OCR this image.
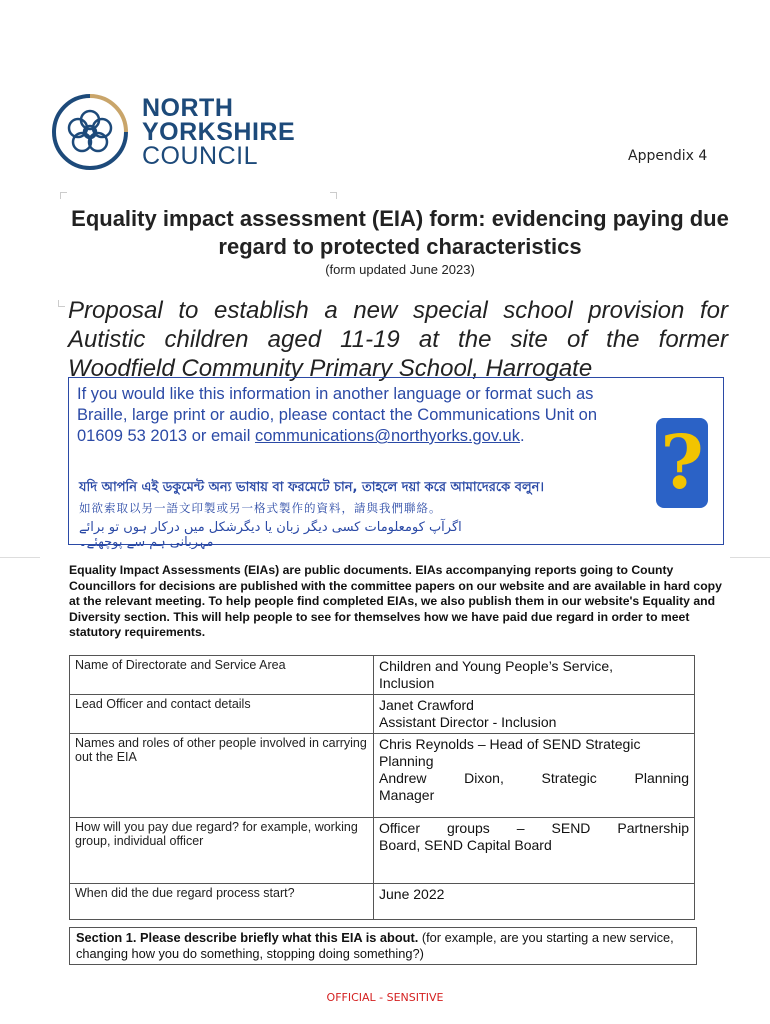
NORTH
YORKSHIRE
COUNCIL	Appendix 4
Equality impact assessment (EIA) form: evidencing paying due regard to protected characteristics
(form updated June 2023)
Proposal to establish a new special school provision for
Autistic children aged 11-19 at the site of the former
Woodfield Community Primary School, Harrogate
If you would like this information in another language or format such as Braille, large print or audio, please contact the Communications Unit on 01609 53 2013 or email communications@northyorks.gov.uk.
যদি আপনি এই ডকুমেন্ট অন্য ভাষায় বা ফরমেটে চান, তাহলে দয়া করে আমাদেরকে বলুন।
如欲索取以另一語文印製或另一格式製作的資料，請與我們聯絡。
اگرآپ کومعلومات کسی دیگر زبان یا دیگرشکل میں درکار ہوں تو برائے مہربانی ہم سے پوچھئے۔
?
Equality Impact Assessments (EIAs) are public documents. EIAs accompanying reports going to County Councillors for decisions are published with the committee papers on our website and are available in hard copy at the relevant meeting. To help people find completed EIAs, we also publish them in our website's Equality and Diversity section. This will help people to see for themselves how we have paid due regard in order to meet statutory requirements.
Name of Directorate and Service Area	Children and Young People’s Service,
Inclusion

Lead Officer and contact details	Janet Crawford
Assistant Director - Inclusion

Names and roles of other people involved in carrying out the EIA	Chris Reynolds – Head of SEND Strategic
Planning
Andrew Dixon, Strategic Planning
Manager

How will you pay due regard? for example, working group, individual officer	Officer groups – SEND Partnership
Board, SEND Capital Board

When did the due regard process start?	June 2022
Section 1. Please describe briefly what this EIA is about. (for example, are you starting a new service, changing how you do something, stopping doing something?)
OFFICIAL - SENSITIVE
